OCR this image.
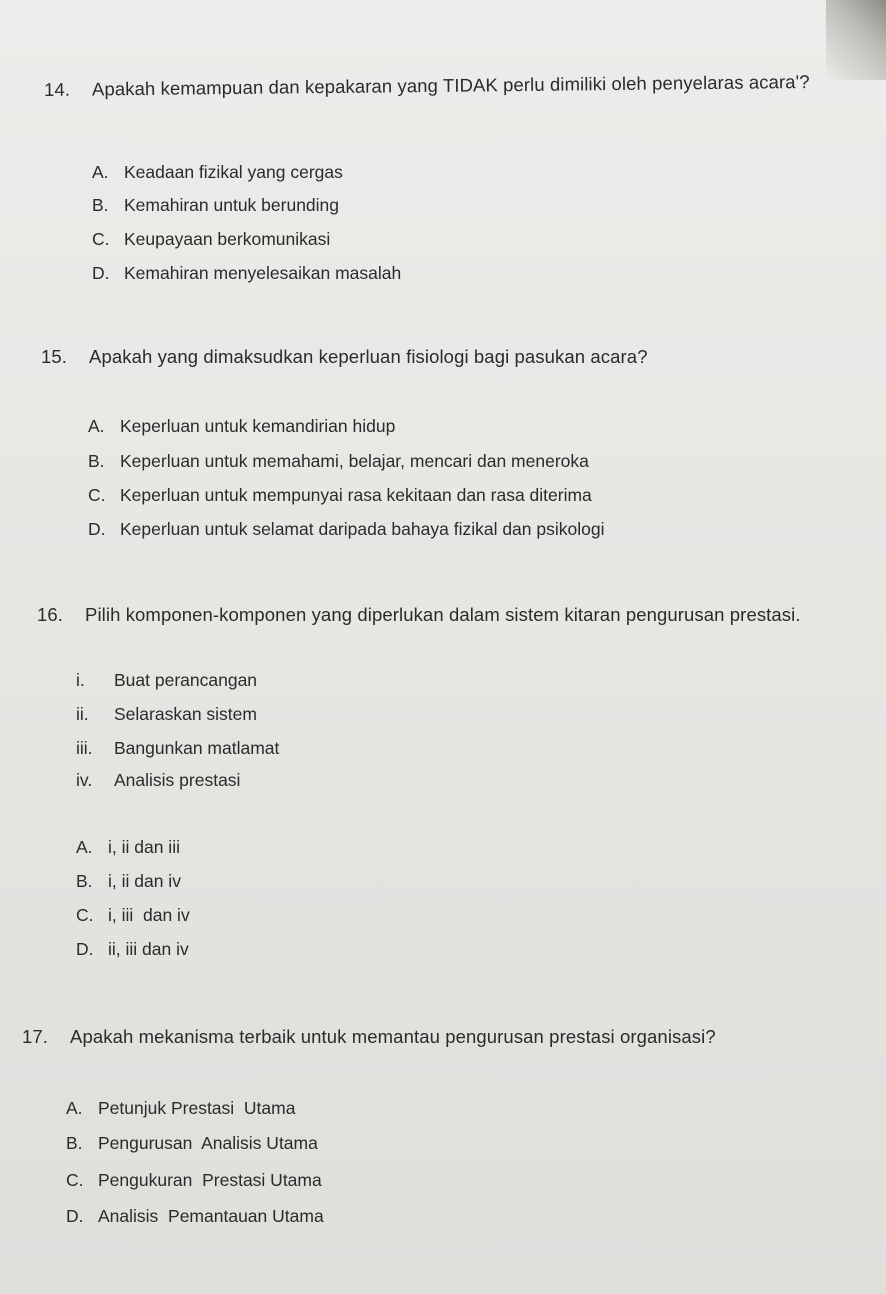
14. Apakah kemampuan dan kepakaran yang TIDAK perlu dimiliki oleh penyelaras acara'?
A. Keadaan fizikal yang cergas
B. Kemahiran untuk berunding
C. Keupayaan berkomunikasi
D. Kemahiran menyelesaikan masalah
15. Apakah yang dimaksudkan keperluan fisiologi bagi pasukan acara?
A. Keperluan untuk kemandirian hidup
B. Keperluan untuk memahami, belajar, mencari dan meneroka
C. Keperluan untuk mempunyai rasa kekitaan dan rasa diterima
D. Keperluan untuk selamat daripada bahaya fizikal dan psikologi
16. Pilih komponen-komponen yang diperlukan dalam sistem kitaran pengurusan prestasi.
i. Buat perancangan
ii. Selaraskan sistem
iii. Bangunkan matlamat
iv. Analisis prestasi
A. i, ii dan iii
B. i, ii dan iv
C. i, iii  dan iv
D. ii, iii dan iv
17. Apakah mekanisma terbaik untuk memantau pengurusan prestasi organisasi?
A. Petunjuk Prestasi  Utama
B. Pengurusan  Analisis Utama
C. Pengukuran  Prestasi Utama
D. Analisis  Pemantauan Utama
